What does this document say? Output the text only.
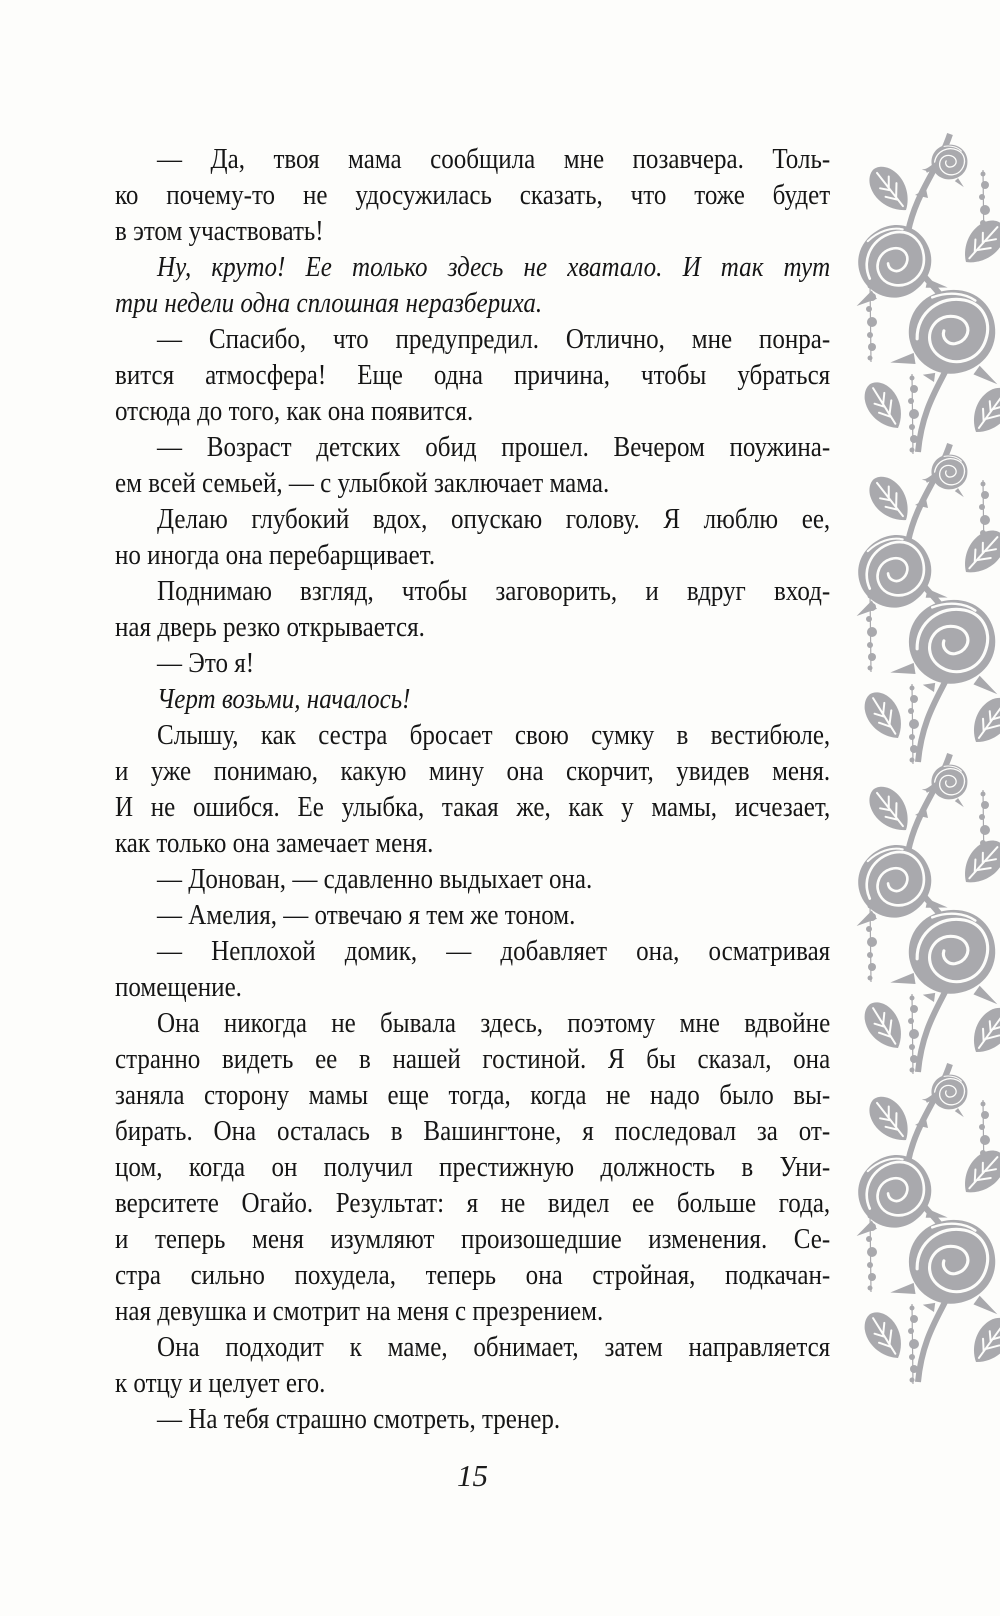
— Да, твоя мама сообщила мне позавчера. Толь-
ко почему-то не удосужилась сказать, что тоже будет
в этом участвовать!
Ну, круто! Ее только здесь не хватало. И так тут
три недели одна сплошная неразбериха.
— Спасибо, что предупредил. Отлично, мне понра-
вится атмосфера! Еще одна причина, чтобы убраться
отсюда до того, как она появится.
— Возраст детских обид прошел. Вечером поужина-
ем всей семьей, — с улыбкой заключает мама.
Делаю глубокий вдох, опускаю голову. Я люблю ее,
но иногда она перебарщивает.
Поднимаю взгляд, чтобы заговорить, и вдруг вход-
ная дверь резко открывается.
— Это я!
Черт возьми, началось!
Слышу, как сестра бросает свою сумку в вестибюле,
и уже понимаю, какую мину она скорчит, увидев меня.
И не ошибся. Ее улыбка, такая же, как у мамы, исчезает,
как только она замечает меня.
— Донован, — сдавленно выдыхает она.
— Амелия, — отвечаю я тем же тоном.
— Неплохой домик, — добавляет она, осматривая
помещение.
Она никогда не бывала здесь, поэтому мне вдвойне
странно видеть ее в нашей гостиной. Я бы сказал, она
заняла сторону мамы еще тогда, когда не надо было вы-
бирать. Она осталась в Вашингтоне, я последовал за от-
цом, когда он получил престижную должность в Уни-
верситете Огайо. Результат: я не видел ее больше года,
и теперь меня изумляют произошедшие изменения. Се-
стра сильно похудела, теперь она стройная, подкачан-
ная девушка и смотрит на меня с презрением.
Она подходит к маме, обнимает, затем направляется
к отцу и целует его.
— На тебя страшно смотреть, тренер.
15
